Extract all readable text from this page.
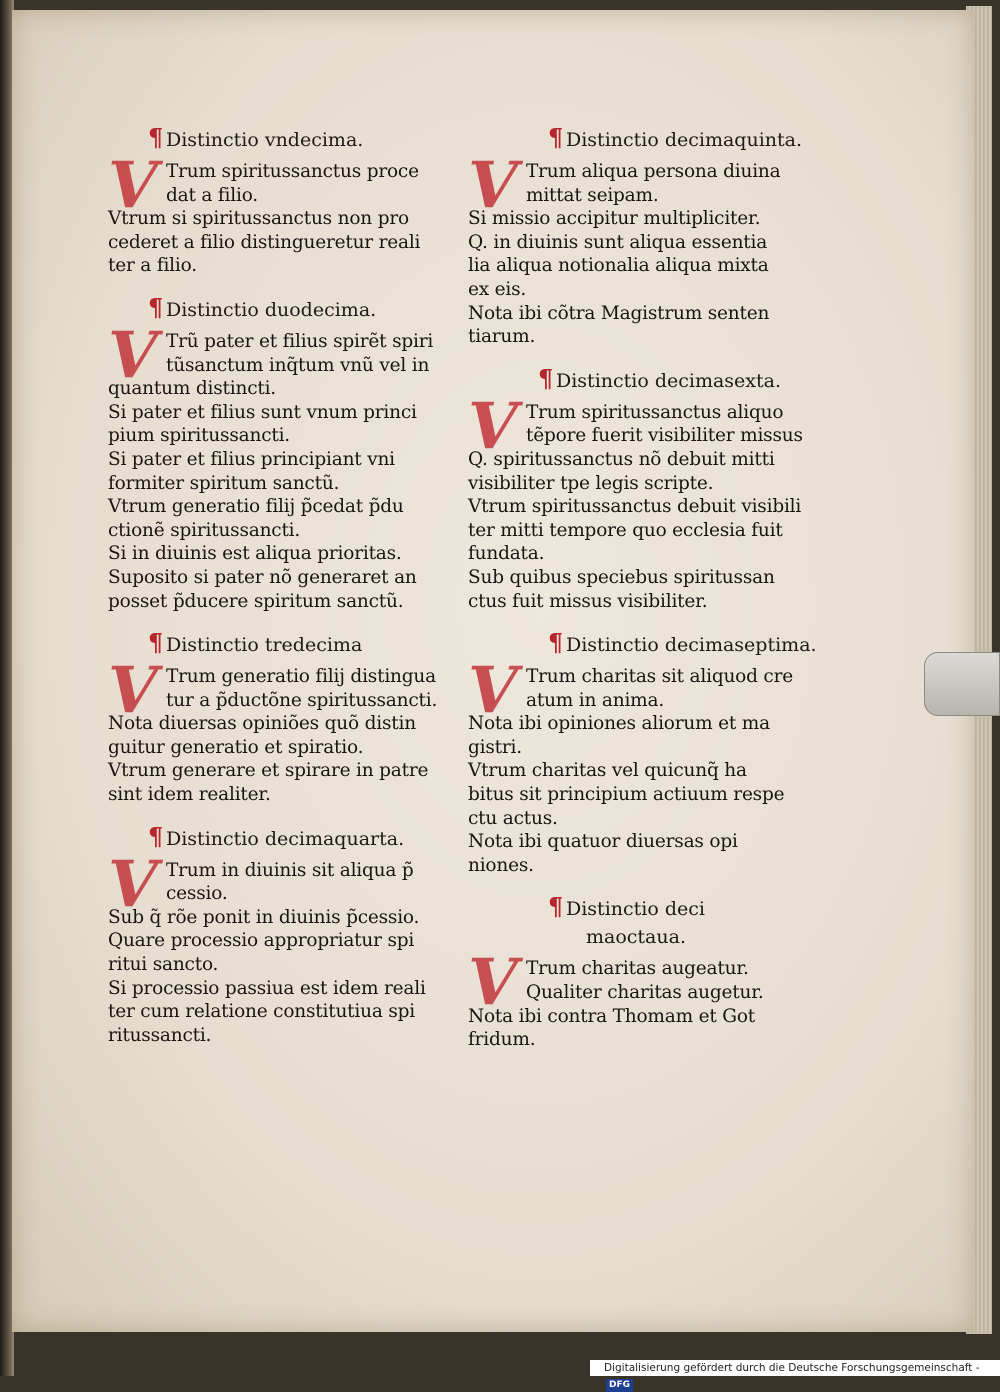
¶ Distinctio vndecima.
V Trum spiritussanctus proce
dat a filio.
Vtrum si spiritussanctus non pro
cederet a filio distingueretur reali
ter a filio.
¶ Distinctio duodecima.
V Trũ pater et filius spirẽt spiri
tũsanctum inq̃tum vnũ vel in
quantum distincti.
Si pater et filius sunt vnum princi
pium spiritussancti.
Si pater et filius principiant vni
formiter spiritum sanctũ.
Vtrum generatio filij p̃cedat p̃du
ctionẽ spiritussancti.
Si in diuinis est aliqua prioritas.
Suposito si pater nõ generaret an
posset p̃ducere spiritum sanctũ.
¶ Distinctio tredecima
V Trum generatio filij distingua
tur a p̃ductõne spiritussancti.
Nota diuersas opiniões quõ distin
guitur generatio et spiratio.
Vtrum generare et spirare in patre
sint idem realiter.
¶ Distinctio decimaquarta.
V Trum in diuinis sit aliqua p̃
cessio.
Sub q̃ rõe ponit in diuinis p̃cessio.
Quare processio appropriatur spi
ritui sancto.
Si processio passiua est idem reali
ter cum relatione constitutiua spi
ritussancti.
¶ Distinctio decimaquinta.
V Trum aliqua persona diuina
mittat seipam.
Si missio accipitur multipliciter.
Q. in diuinis sunt aliqua essentia
lia aliqua notionalia aliqua mixta
ex eis.
Nota ibi cõtra Magistrum senten
tiarum.
¶ Distinctio decimasexta.
V Trum spiritussanctus aliquo
tẽpore fuerit visibiliter missus
Q. spiritussanctus nõ debuit mitti
visibiliter tpe legis scripte.
Vtrum spiritussanctus debuit visibili
ter mitti tempore quo ecclesia fuit
fundata.
Sub quibus speciebus spiritussan
ctus fuit missus visibiliter.
¶ Distinctio decimaseptima.
V Trum charitas sit aliquod cre
atum in anima.
Nota ibi opiniones aliorum et ma
gistri.
Vtrum charitas vel quicunq̃ ha
bitus sit principium actiuum respe
ctu actus.
Nota ibi quatuor diuersas opi
niones.
¶ Distinctio deci
maoctaua.
V Trum charitas augeatur.
Qualiter charitas augetur.
Nota ibi contra Thomam et Got
fridum.
Digitalisierung gefördert durch die Deutsche Forschungsgemeinschaft - DFG
